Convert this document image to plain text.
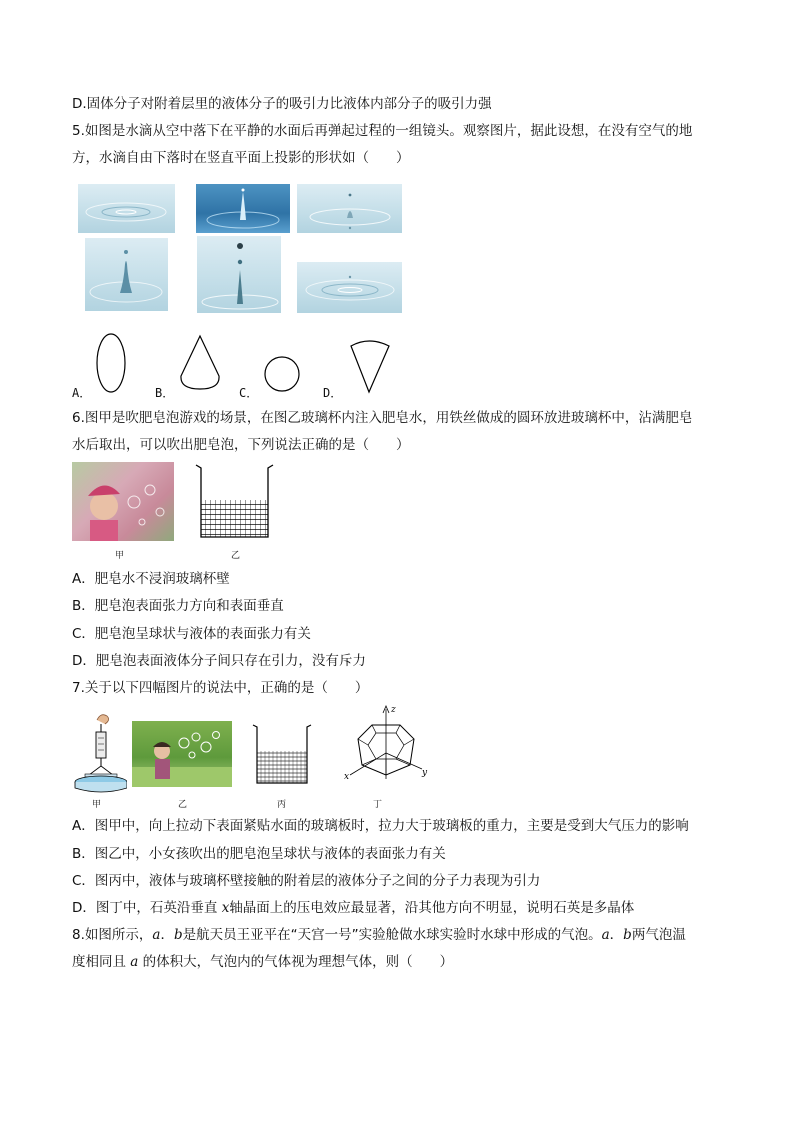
D.固体分子对附着层里的液体分子的吸引力比液体内部分子的吸引力强
5.如图是水滴从空中落下在平静的水面后再弹起过程的一组镜头。观察图片，据此设想，在没有空气的地
方，水滴自由下落时在竖直平面上投影的形状如（　　）
A．	B．	C．	D．
6.图甲是吹肥皂泡游戏的场景，在图乙玻璃杯内注入肥皂水，用铁丝做成的圆环放进玻璃杯中，沾满肥皂
水后取出，可以吹出肥皂泡，下列说法正确的是（　　）
甲	乙
A．肥皂水不浸润玻璃杯壁
B．肥皂泡表面张力方向和表面垂直
C．肥皂泡呈球状与液体的表面张力有关
D．肥皂泡表面液体分子间只存在引力，没有斥力
7.关于以下四幅图片的说法中，正确的是（　　）
甲	乙	丙
z
x	y
丁
A．图甲中，向上拉动下表面紧贴水面的玻璃板时，拉力大于玻璃板的重力，主要是受到大气压力的影响
B．图乙中，小女孩吹出的肥皂泡呈球状与液体的表面张力有关
C．图丙中，液体与玻璃杯壁接触的附着层的液体分子之间的分子力表现为引力
D．图丁中，石英沿垂直 x轴晶面上的压电效应最显著，沿其他方向不明显，说明石英是多晶体
8.如图所示，a．b是航天员王亚平在“天宫一号”实验舱做水球实验时水球中形成的气泡。a．b两气泡温
度相同且 a 的体积大，气泡内的气体视为理想气体，则（　　）
